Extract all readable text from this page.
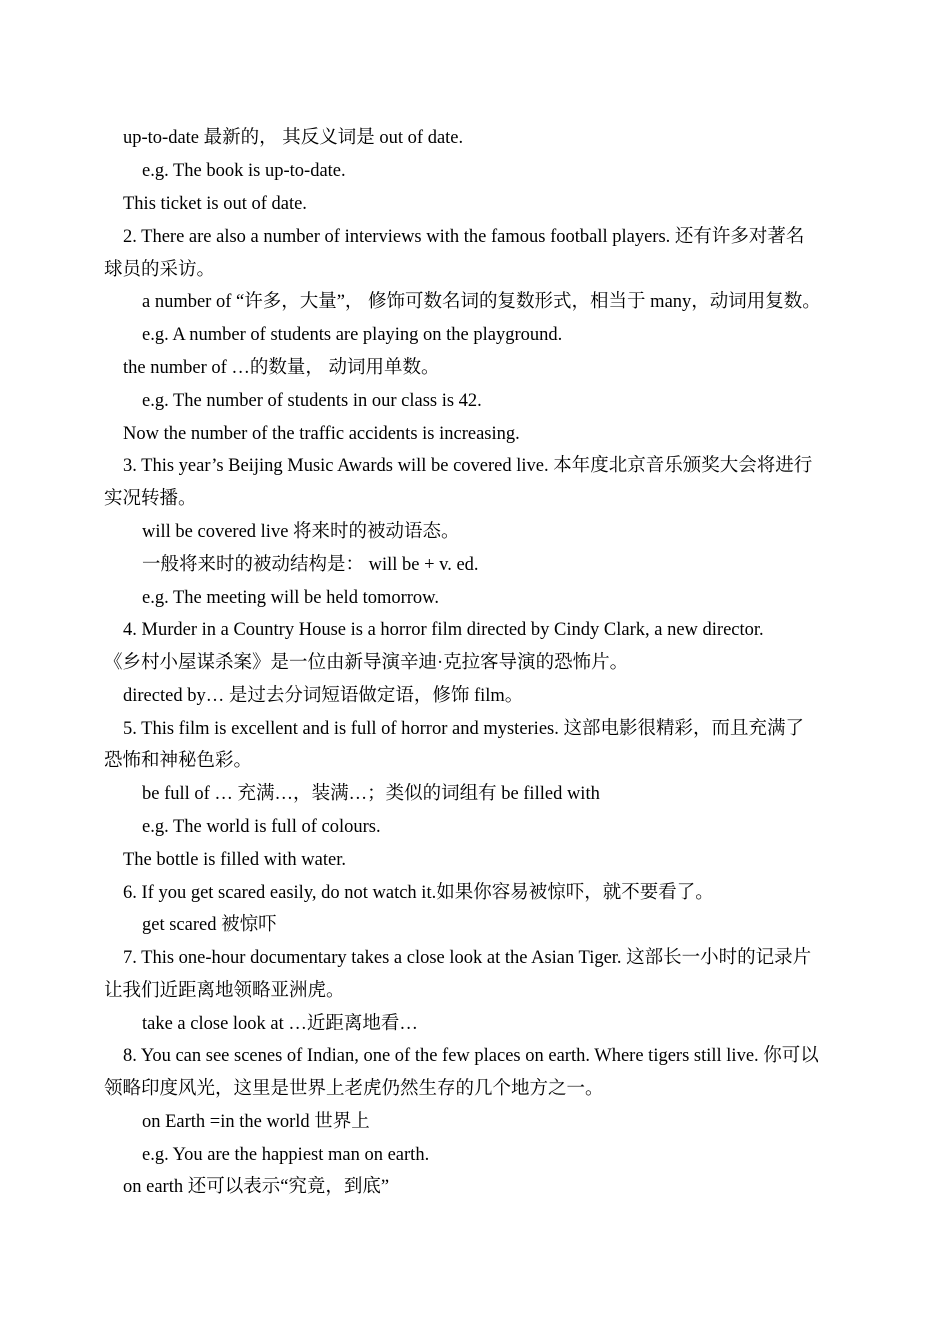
up-to-date 最新的， 其反义词是 out of date.
e.g. The book is up-to-date.
This ticket is out of date.
2. There are also a number of interviews with the famous football players. 还有许多对著名
球员的采访。
a number of “许多，大量”， 修饰可数名词的复数形式，相当于 many，动词用复数。
e.g. A number of students are playing on the playground.
the number of …的数量， 动词用单数。
e.g. The number of students in our class is 42.
Now the number of the traffic accidents is increasing.
3. This year’s Beijing Music Awards will be covered live. 本年度北京音乐颁奖大会将进行
实况转播。
will be covered live 将来时的被动语态。
一般将来时的被动结构是： will be + v. ed.
e.g. The meeting will be held tomorrow.
4. Murder in a Country House is a horror film directed by Cindy Clark, a new director.
《乡村小屋谋杀案》是一位由新导演辛迪·克拉客导演的恐怖片。
directed by… 是过去分词短语做定语，修饰 film。
5. This film is excellent and is full of horror and mysteries. 这部电影很精彩，而且充满了
恐怖和神秘色彩。
be full of … 充满…，装满…；类似的词组有 be filled with
e.g. The world is full of colours.
The bottle is filled with water.
6. If you get scared easily, do not watch it.如果你容易被惊吓，就不要看了。
get scared 被惊吓
7. This one-hour documentary takes a close look at the Asian Tiger. 这部长一小时的记录片
让我们近距离地领略亚洲虎。
take a close look at …近距离地看…
8. You can see scenes of Indian, one of the few places on earth. Where tigers still live. 你可以
领略印度风光，这里是世界上老虎仍然生存的几个地方之一。
on Earth =in the world 世界上
e.g. You are the happiest man on earth.
on earth 还可以表示“究竟，到底”
